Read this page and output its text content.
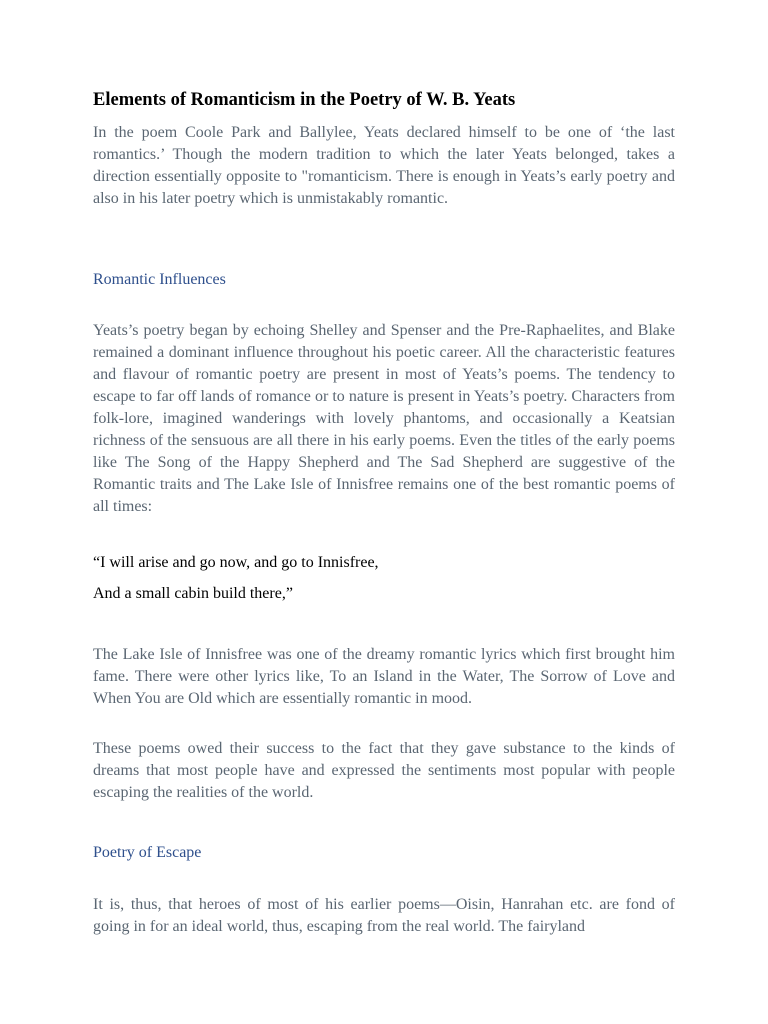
Elements of Romanticism in the Poetry of W. B. Yeats

In the poem Coole Park and Ballylee, Yeats declared himself to be one of ‘the last romantics.’ Though the modern tradition to which the later Yeats belonged, takes a direction essentially opposite to "romanticism. There is enough in Yeats’s early poetry and also in his later poetry which is unmistakably romantic.

Romantic Influences

Yeats’s poetry began by echoing Shelley and Spenser and the Pre-Raphaelites, and Blake remained a dominant influence throughout his poetic career. All the characteristic features and flavour of romantic poetry are present in most of Yeats’s poems. The tendency to escape to far off lands of romance or to nature is present in Yeats’s poetry. Characters from folk-lore, imagined wanderings with lovely phantoms, and occasionally a Keatsian richness of the sensuous are all there in his early poems. Even the titles of the early poems like The Song of the Happy Shepherd and The Sad Shepherd are suggestive of the Romantic traits and The Lake Isle of Innisfree remains one of the best romantic poems of all times:

“I will arise and go now, and go to Innisfree,

And a small cabin build there,”

The Lake Isle of Innisfree was one of the dreamy romantic lyrics which first brought him fame. There were other lyrics like, To an Island in the Water, The Sorrow of Love and When You are Old which are essentially romantic in mood.

These poems owed their success to the fact that they gave substance to the kinds of dreams that most people have and expressed the sentiments most popular with people escaping the realities of the world.

Poetry of Escape

It is, thus, that heroes of most of his earlier poems—Oisin, Hanrahan etc. are fond of going in for an ideal world, thus, escaping from the real world. The fairyland
